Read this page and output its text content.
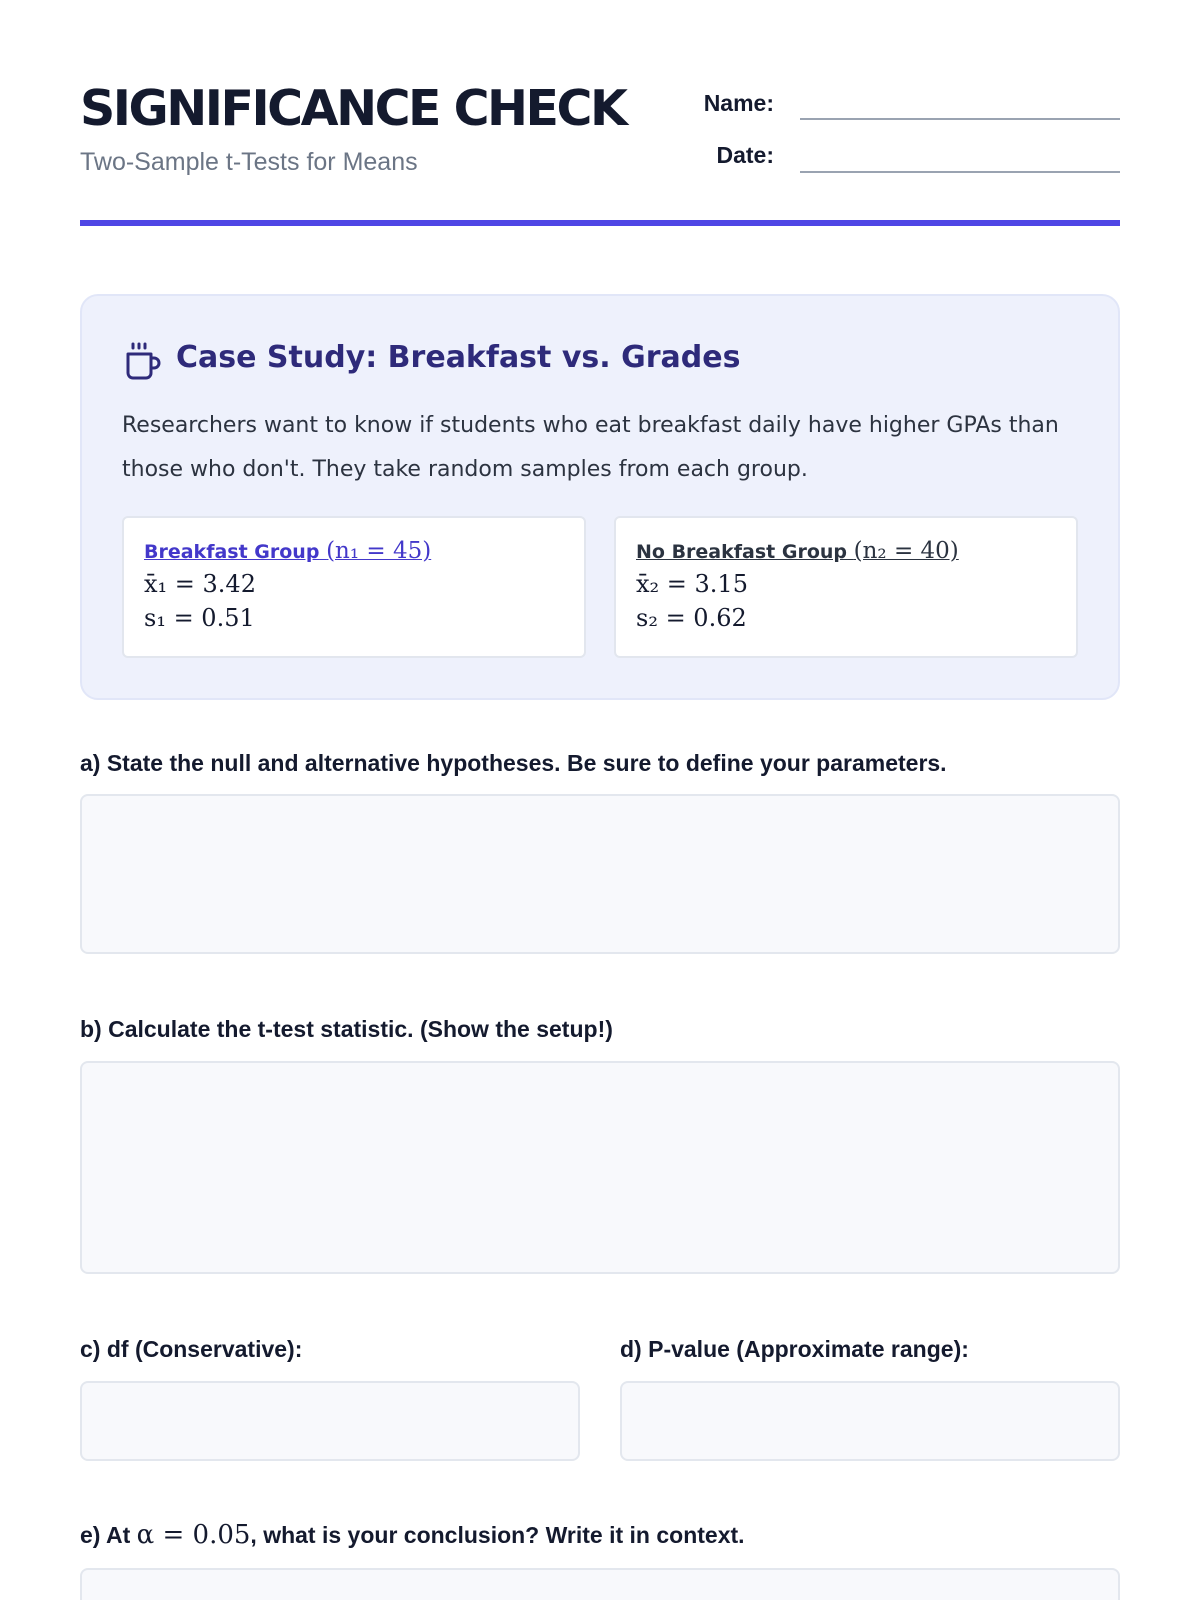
SIGNIFICANCE CHECK
Two-Sample t-Tests for Means
Name:
Date:
Case Study: Breakfast vs. Grades
Researchers want to know if students who eat breakfast daily have higher GPAs than those who don't. They take random samples from each group.
Breakfast Group (n₁ = 45)
x̄₁ = 3.42
s₁ = 0.51
No Breakfast Group (n₂ = 40)
x̄₂ = 3.15
s₂ = 0.62
a) State the null and alternative hypotheses. Be sure to define your parameters.
b) Calculate the t-test statistic. (Show the setup!)
c) df (Conservative):	d) P-value (Approximate range):
e) At α = 0.05, what is your conclusion? Write it in context.
